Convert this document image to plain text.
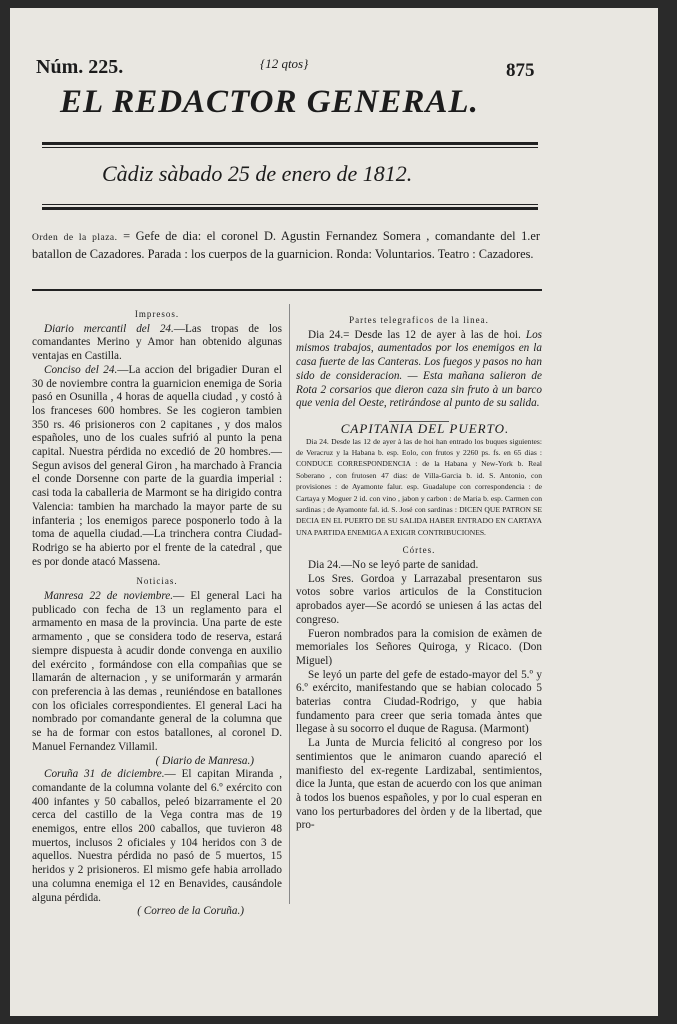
Núm. 225.	{12 qtos}	875
EL REDACTOR GENERAL.
Càdiz sàbado 25 de enero de 1812.
Orden de la plaza. = Gefe de dia: el coronel D. Agustin Fernandez Somera , comandante del 1.er batallon de Cazadores. Parada : los cuerpos de la guarnicion. Ronda: Voluntarios. Teatro : Cazadores.

Impresos.

Diario mercantil del 24.—Las tropas de los comandantes Merino y Amor han obtenido algunas ventajas en Castilla.

Conciso del 24.—La accion del brigadier Duran el 30 de noviembre contra la guarnicion enemiga de Soria pasó en Osunilla , 4 horas de aquella ciudad , y costó à los franceses 600 hombres. Se les cogieron tambien 350 rs. 46 prisioneros con 2 capitanes , y dos malos españoles, uno de los cuales sufrió al punto la pena capital. Nuestra pérdida no excedió de 20 hombres.—Segun avisos del general Giron , ha marchado à Francia el conde Dorsenne con parte de la guardia imperial : casi toda la caballeria de Marmont se ha dirigido contra Valencia: tambien ha marchado la mayor parte de su infanteria ; los enemigos parece posponerlo todo à la toma de aquella ciudad.—La trinchera contra Ciudad-Rodrigo se ha abierto por el frente de la catedral , que es por donde atacó Massena.

Noticias.

Manresa 22 de noviembre.— El general Laci ha publicado con fecha de 13 un reglamento para el armamento en masa de la provincia. Una parte de este armamento , que se considera todo de reserva, estará siempre dispuesta à acudir donde convenga en auxilio del exército , formándose con ella compañias que se llamarán de alternacion , y se uniformarán y armarán con preferencia à las demas , reuniéndose en batallones con los oficiales correspondientes. El general Laci ha nombrado por comandante general de la columna que se ha de formar con estos batallones, al coronel D. Manuel Fernandez Villamil.

( Diario de Manresa.)

Coruña 31 de diciembre.— El capitan Miranda , comandante de la columna volante del 6.º exército con 400 infantes y 50 caballos, peleó bizarramente el 20 cerca del castillo de la Vega contra mas de 19 enemigos, entre ellos 200 caballos, que tuvieron 48 muertos, inclusos 2 oficiales y 104 heridos con 3 de aquellos. Nuestra pérdida no pasó de 5 muertos, 15 heridos y 2 prisioneros. El mismo gefe habia arrollado una columna enemiga el 12 en Benavides, causándole alguna pérdida.

( Correo de la Coruña.)

Partes telegraficos de la linea.

Dia 24.= Desde las 12 de ayer à las de hoi. Los mismos trabajos, aumentados por los enemigos en la casa fuerte de las Canteras. Los fuegos y pasos no han sido de consideracion. — Esta mañana salieron de Rota 2 corsarios que dieron caza sin fruto à un barco que venia del Oeste, retirándose al punto de su salida.

CAPITANIA DEL PUERTO.

Dia 24. Desde las 12 de ayer à las de hoi han entrado los buques siguientes: de Veracruz y la Habana b. esp. Eolo, con frutos y 2260 ps. fs. en 65 dias : CONDUCE CORRESPONDENCIA : de la Habana y New-York b. Real Soberano , con frutosen 47 dias: de Villa-Garcia b. id. S. Antonio, con provisiones : de Ayamonte falur. esp. Guadalupe con correspondencia : de Cartaya y Moguer 2 id. con vino , jabon y carbon : de Maria b. esp. Carmen con sardinas ; de Ayamonte fal. id. S. José con sardinas : DICEN QUE PATRON SE DECIA EN EL PUERTO DE SU SALIDA HABER ENTRADO EN CARTAYA UNA PARTIDA ENEMIGA A EXIGIR CONTRIBUCIONES.

Córtes.

Dia 24.—No se leyó parte de sanidad.

Los Sres. Gordoa y Larrazabal presentaron sus votos sobre varios articulos de la Constitucion aprobados ayer—Se acordó se uniesen á las actas del congreso.

Fueron nombrados para la comision de exàmen de memoriales los Señores Quiroga, y Ricaco. (Don Miguel)

Se leyó un parte del gefe de estado-mayor del 5.º y 6.º exército, manifestando que se habian colocado 5 baterias contra Ciudad-Rodrigo, y que habia fundamento para creer que seria tomada àntes que llegase à su socorro el duque de Ragusa. (Marmont)

La Junta de Murcia felicitó al congreso por los sentimientos que le animaron cuando apareció el manifiesto del ex-regente Lardizabal, sentimientos, dice la Junta, que estan de acuerdo con los que animan à todos los buenos españoles, y por lo cual esperan en vano los perturbadores del òrden y de la libertad, que pro-
